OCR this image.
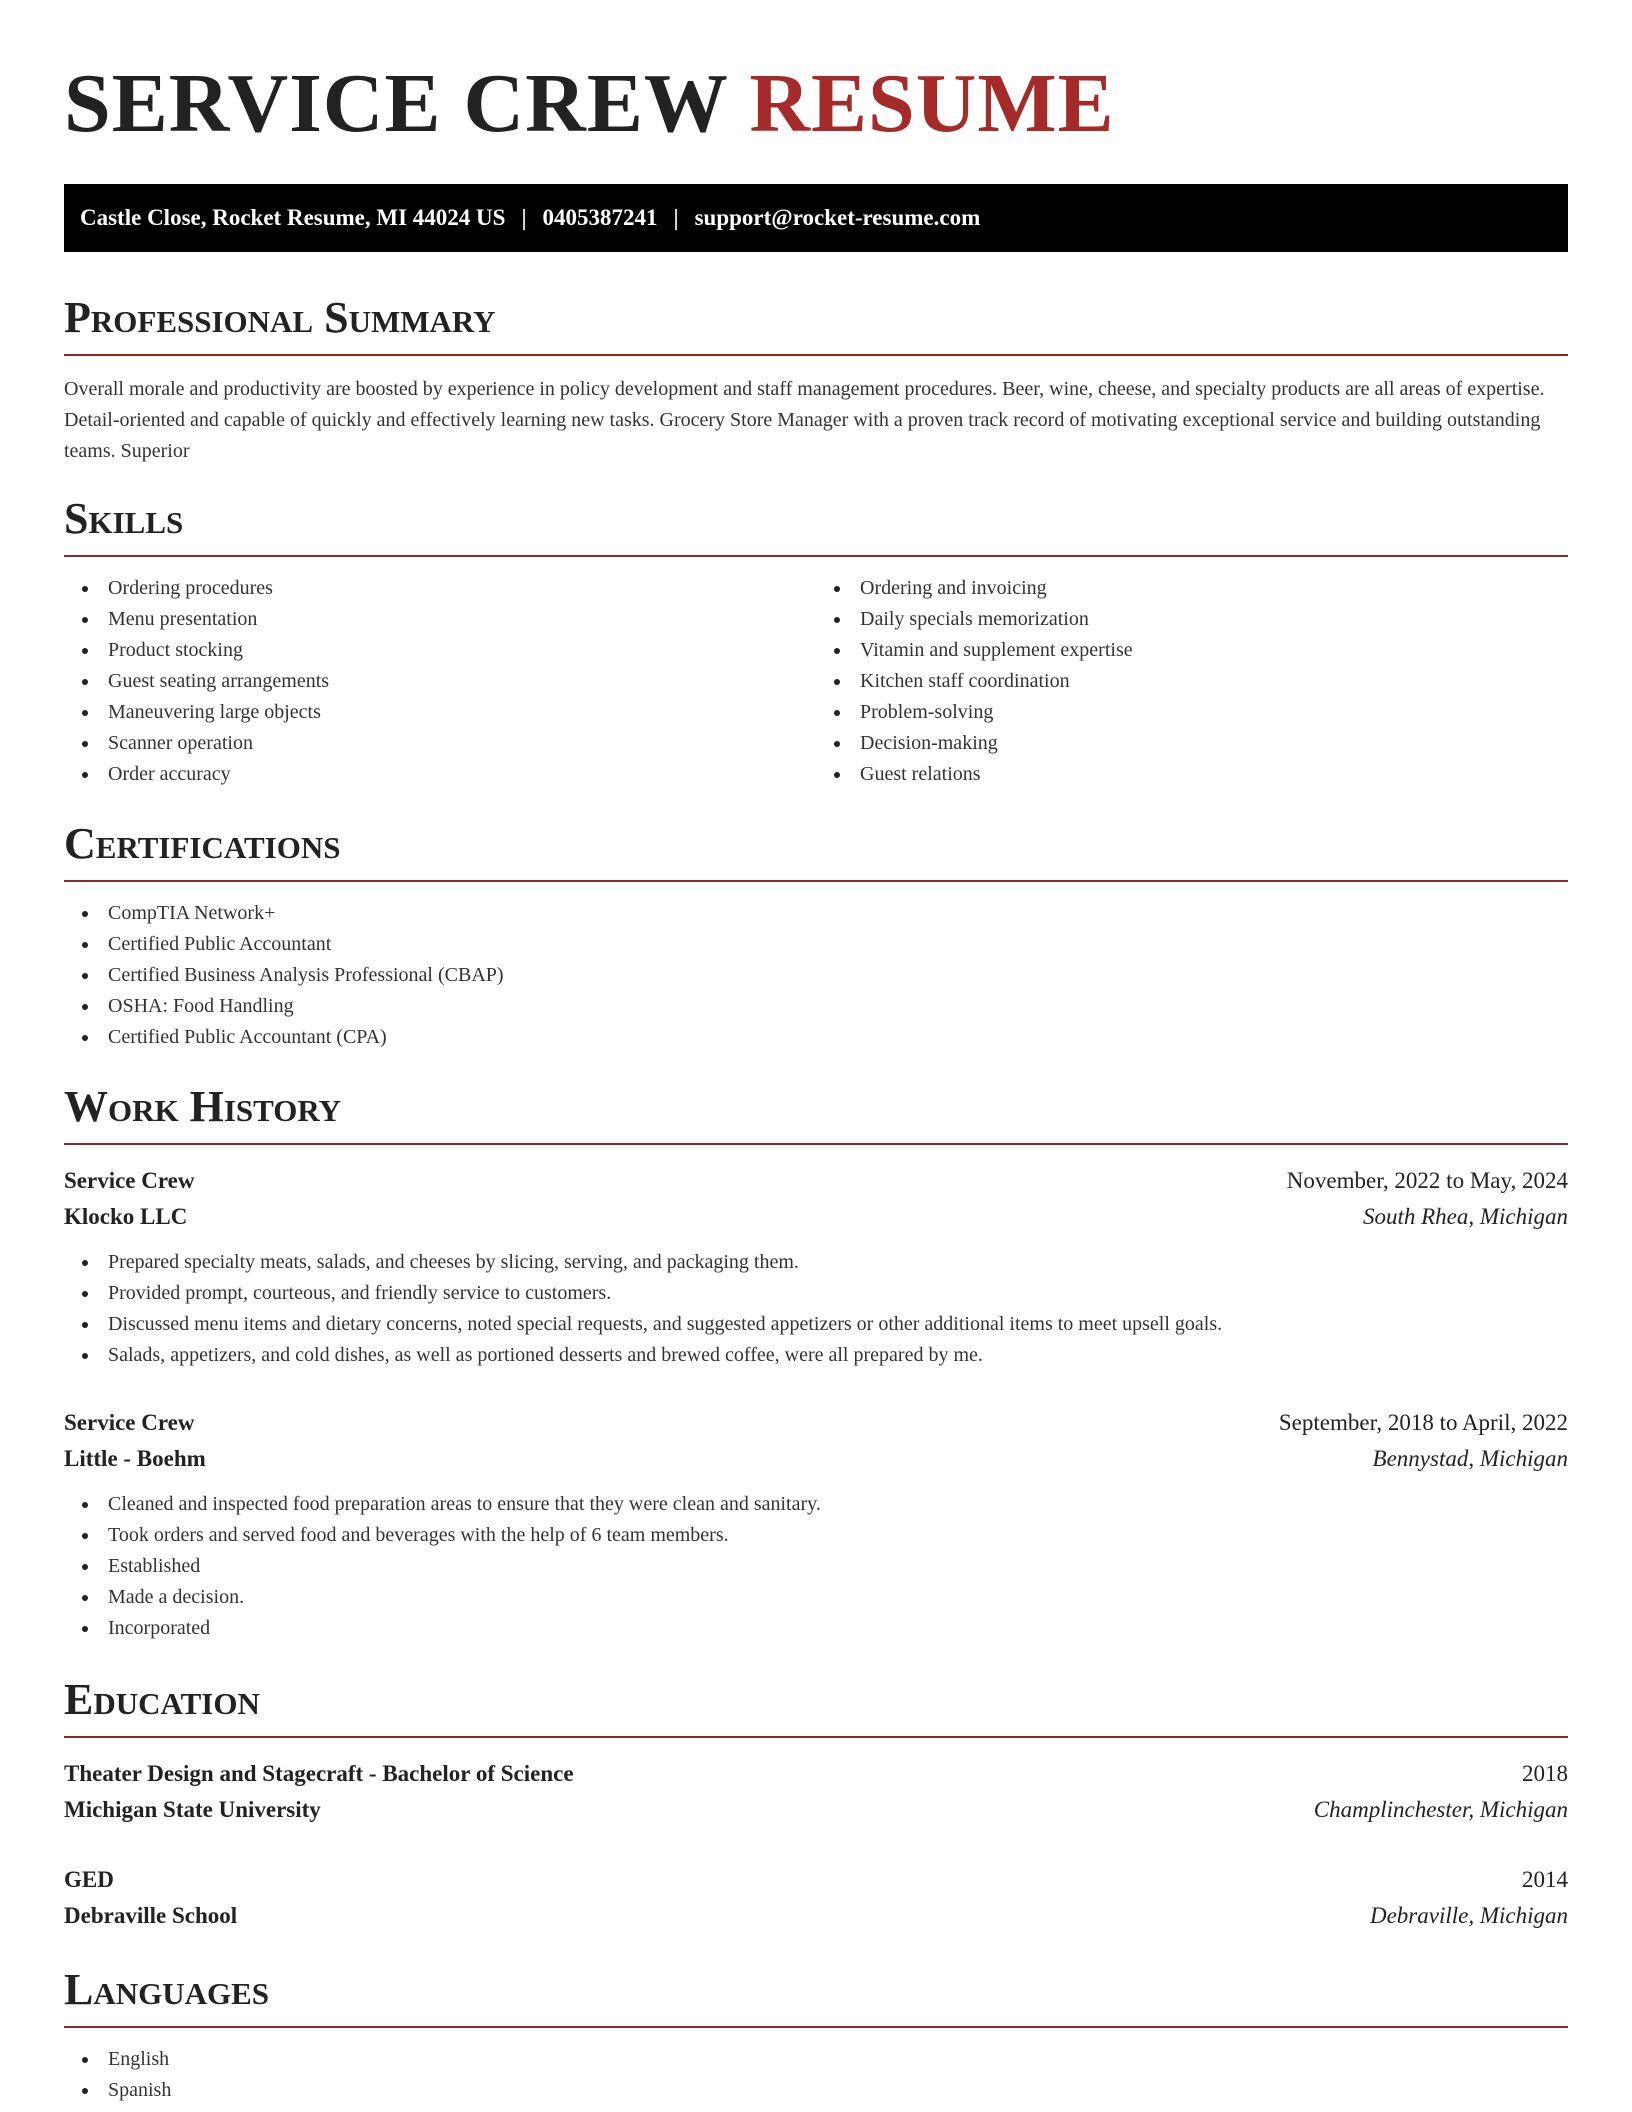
SERVICE CREW RESUME
Castle Close, Rocket Resume, MI 44024 US | 0405387241 | support@rocket-resume.com
Professional Summary

Overall morale and productivity are boosted by experience in policy development and staff management procedures. Beer, wine, cheese, and specialty products are all areas of expertise. Detail-oriented and capable of quickly and effectively learning new tasks. Grocery Store Manager with a proven track record of motivating exceptional service and building outstanding teams. Superior

Skills
Ordering procedures
Menu presentation
Product stocking
Guest seating arrangements
Maneuvering large objects
Scanner operation
Order accuracy
Ordering and invoicing
Daily specials memorization
Vitamin and supplement expertise
Kitchen staff coordination
Problem-solving
Decision-making
Guest relations
Certifications
CompTIA Network+
Certified Public Accountant
Certified Business Analysis Professional (CBAP)
OSHA: Food Handling
Certified Public Accountant (CPA)
Work History
Service Crew	November, 2022 to May, 2024
Klocko LLC	South Rhea, Michigan
Prepared specialty meats, salads, and cheeses by slicing, serving, and packaging them.
Provided prompt, courteous, and friendly service to customers.
Discussed menu items and dietary concerns, noted special requests, and suggested appetizers or other additional items to meet upsell goals.
Salads, appetizers, and cold dishes, as well as portioned desserts and brewed coffee, were all prepared by me.
Service Crew	September, 2018 to April, 2022
Little - Boehm	Bennystad, Michigan
Cleaned and inspected food preparation areas to ensure that they were clean and sanitary.
Took orders and served food and beverages with the help of 6 team members.
Established
Made a decision.
Incorporated
Education
Theater Design and Stagecraft - Bachelor of Science	2018
Michigan State University	Champlinchester, Michigan
GED	2014
Debraville School	Debraville, Michigan
Languages
English
Spanish
